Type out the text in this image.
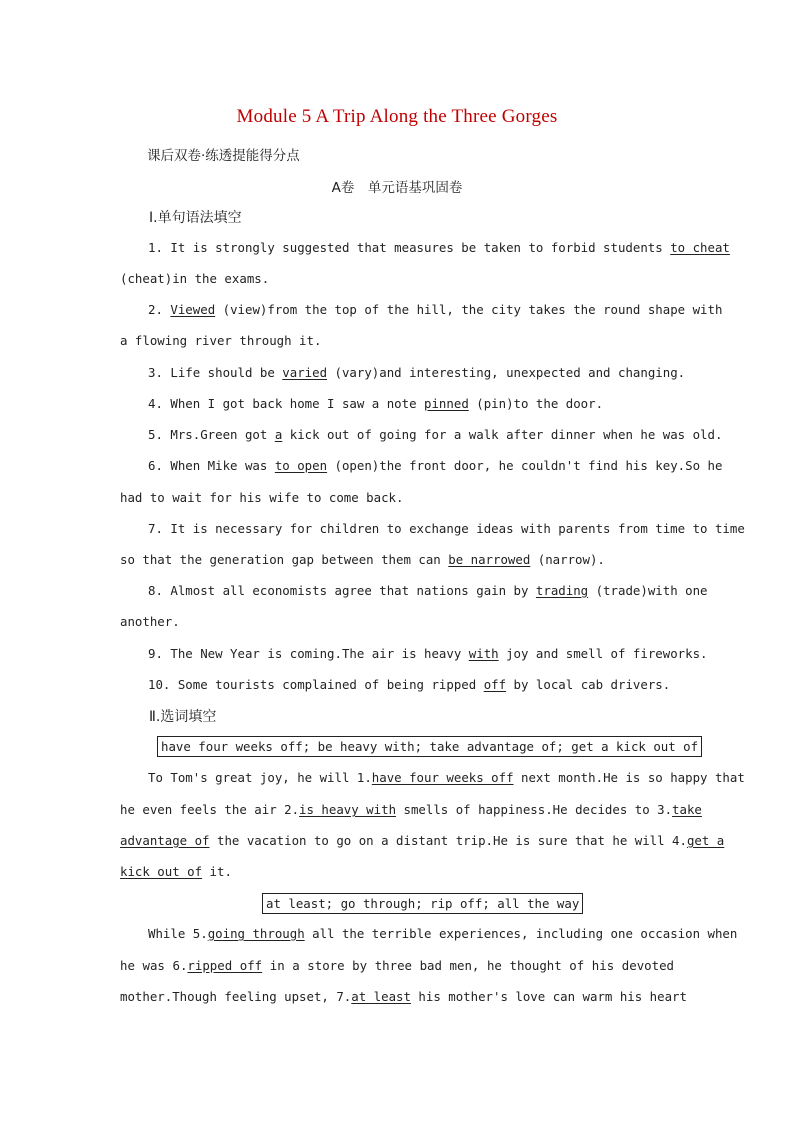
Module 5 A Trip Along the Three Gorges
课后双卷·练透提能得分点
A卷　单元语基巩固卷
Ⅰ.单句语法填空
1. It is strongly suggested that measures be taken to forbid students to cheat
(cheat)in the exams.
2. Viewed (view)from the top of the hill, the city takes the round shape with
a flowing river through it.
3. Life should be varied (vary)and interesting, unexpected and changing.
4. When I got back home I saw a note pinned (pin)to the door.
5. Mrs.Green got a kick out of going for a walk after dinner when he was old.
6. When Mike was to open (open)the front door, he couldn't find his key.So he
had to wait for his wife to come back.
7. It is necessary for children to exchange ideas with parents from time to time
so that the generation gap between them can be narrowed (narrow).
8. Almost all economists agree that nations gain by trading (trade)with one
another.
9. The New Year is coming.The air is heavy with joy and smell of fireworks.
10. Some tourists complained of being ripped off by local cab drivers.
Ⅱ.选词填空
have four weeks off; be heavy with; take advantage of; get a kick out of
To Tom's great joy, he will 1.have four weeks off next month.He is so happy that
he even feels the air 2.is heavy with smells of happiness.He decides to 3.take
advantage of the vacation to go on a distant trip.He is sure that he will 4.get a
kick out of it.
at least; go through; rip off; all the way
While 5.going through all the terrible experiences, including one occasion when
he was 6.ripped off in a store by three bad men, he thought of his devoted
mother.Though feeling upset, 7.at least his mother's love can warm his heart
